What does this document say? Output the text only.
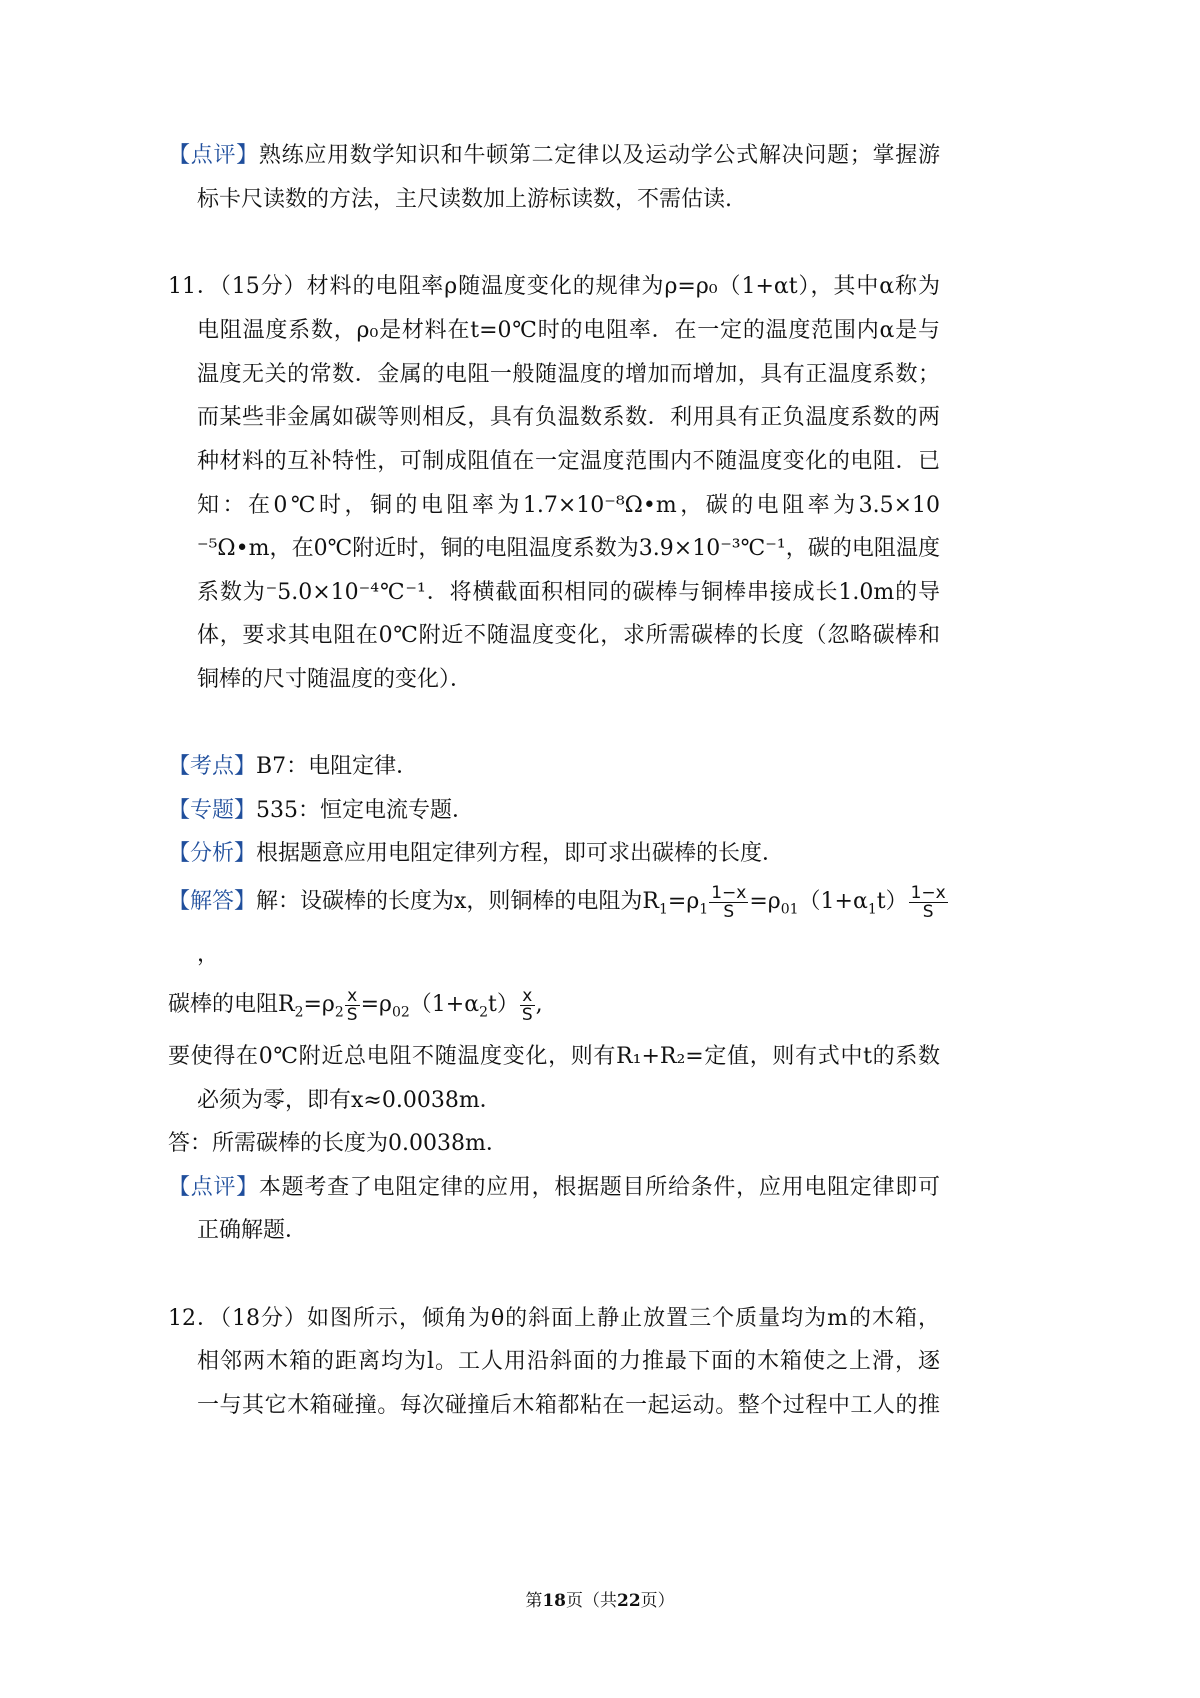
【点评】熟练应用数学知识和牛顿第二定律以及运动学公式解决问题；掌握游
标卡尺读数的方法，主尺读数加上游标读数，不需估读.
11．（15分）材料的电阻率ρ随温度变化的规律为ρ=ρ₀（1+αt），其中α称为
电阻温度系数，ρ₀是材料在t=0℃时的电阻率．在一定的温度范围内α是与
温度无关的常数．金属的电阻一般随温度的增加而增加，具有正温度系数；
而某些非金属如碳等则相反，具有负温数系数．利用具有正负温度系数的两
种材料的互补特性，可制成阻值在一定温度范围内不随温度变化的电阻．已
知：在0℃时，铜的电阻率为1.7×10⁻⁸Ω•m，碳的电阻率为3.5×10
⁻⁵Ω•m，在0℃附近时，铜的电阻温度系数为3.9×10⁻³℃⁻¹，碳的电阻温度
系数为⁻5.0×10⁻⁴℃⁻¹．将横截面积相同的碳棒与铜棒串接成长1.0m的导
体，要求其电阻在0℃附近不随温度变化，求所需碳棒的长度（忽略碳棒和
铜棒的尺寸随温度的变化）．
【考点】B7：电阻定律．
【专题】535：恒定电流专题．
【分析】根据题意应用电阻定律列方程，即可求出碳棒的长度．
【解答】解：设碳棒的长度为x，则铜棒的电阻为$R_1=\rho_1 \frac{1-x}{S} =\rho_{01}(1+\alpha_1t) \frac{1-x}{S}$
，
碳棒的电阻$R_2=\rho_2 \frac{x}{S} =\rho_{02}(1+\alpha_2t) \frac{x}{S}$ ,
要使得在0℃附近总电阻不随温度变化，则有R₁+R₂=定值，则有式中t的系数
必须为零，即有x≈0.0038m．
答：所需碳棒的长度为0.0038m．
【点评】本题考查了电阻定律的应用，根据题目所给条件，应用电阻定律即可
正确解题．
12．（18分）如图所示，倾角为θ的斜面上静止放置三个质量均为m的木箱，
相邻两木箱的距离均为l。工人用沿斜面的力推最下面的木箱使之上滑，逐
一与其它木箱碰撞。每次碰撞后木箱都粘在一起运动。整个过程中工人的推
第18页（共22页）
